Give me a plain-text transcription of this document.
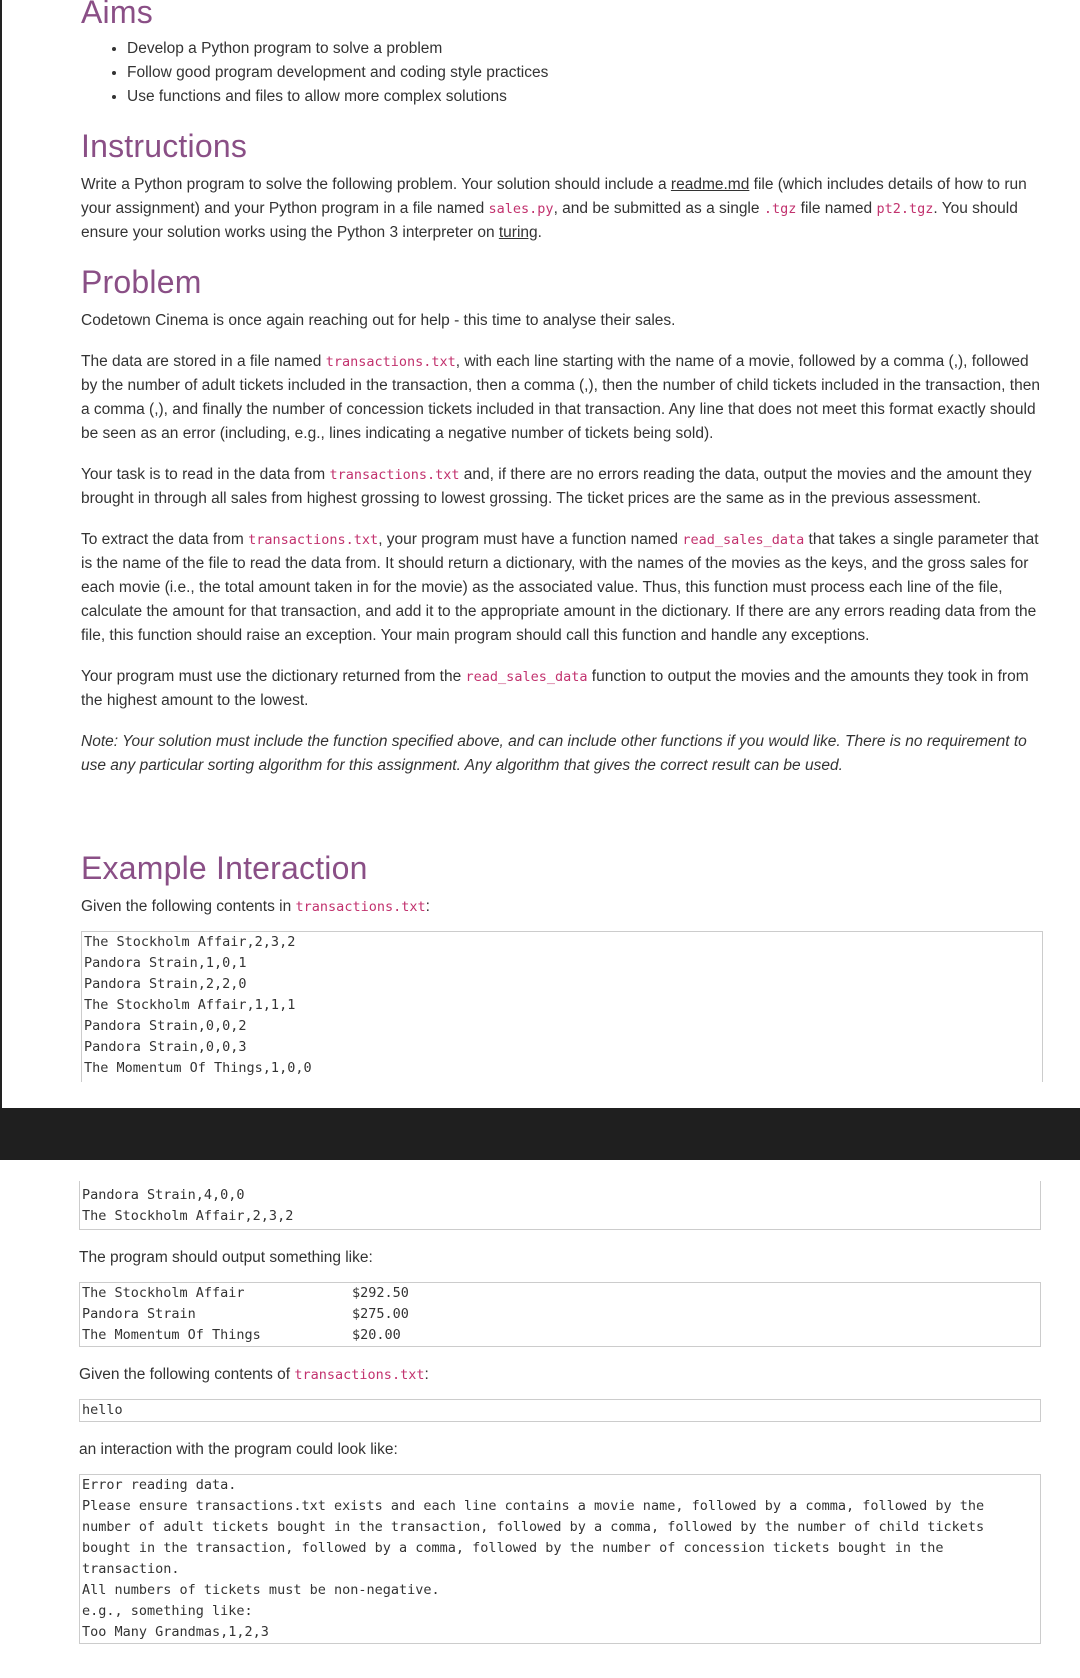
Aims
• Develop a Python program to solve a problem
• Follow good program development and coding style practices
• Use functions and files to allow more complex solutions
Instructions

Write a Python program to solve the following problem. Your solution should include a readme.md file (which includes details of how to run your assignment) and your Python program in a file named sales.py, and be submitted as a single .tgz file named pt2.tgz. You should ensure your solution works using the Python 3 interpreter on turing.

Problem

Codetown Cinema is once again reaching out for help - this time to analyse their sales.

The data are stored in a file named transactions.txt, with each line starting with the name of a movie, followed by a comma (,), followed by the number of adult tickets included in the transaction, then a comma (,), then the number of child tickets included in the transaction, then a comma (,), and finally the number of concession tickets included in that transaction. Any line that does not meet this format exactly should be seen as an error (including, e.g., lines indicating a negative number of tickets being sold).

Your task is to read in the data from transactions.txt and, if there are no errors reading the data, output the movies and the amount they brought in through all sales from highest grossing to lowest grossing. The ticket prices are the same as in the previous assessment.

To extract the data from transactions.txt, your program must have a function named read_sales_data that takes a single parameter that is the name of the file to read the data from. It should return a dictionary, with the names of the movies as the keys, and the gross sales for each movie (i.e., the total amount taken in for the movie) as the associated value. Thus, this function must process each line of the file, calculate the amount for that transaction, and add it to the appropriate amount in the dictionary. If there are any errors reading data from the file, this function should raise an exception. Your main program should call this function and handle any exceptions.

Your program must use the dictionary returned from the read_sales_data function to output the movies and the amounts they took in from the highest amount to the lowest.

Note: Your solution must include the function specified above, and can include other functions if you would like. There is no requirement to use any particular sorting algorithm for this assignment. Any algorithm that gives the correct result can be used.

Example Interaction

Given the following contents in transactions.txt:

The Stockholm Affair,2,3,2
Pandora Strain,1,0,1
Pandora Strain,2,2,0
The Stockholm Affair,1,1,1
Pandora Strain,0,0,2
Pandora Strain,0,0,3
The Momentum Of Things,1,0,0
Pandora Strain,4,0,0
The Stockholm Affair,2,3,2

The program should output something like:

The Stockholm Affair	$292.50
Pandora Strain	$275.00
The Momentum Of Things	$20.00

Given the following contents of transactions.txt:

hello

an interaction with the program could look like:

Error reading data.
Please ensure transactions.txt exists and each line contains a movie name, followed by a comma, followed by the number of adult tickets bought in the transaction, followed by a comma, followed by the number of child tickets bought in the transaction, followed by a comma, followed by the number of concession tickets bought in the transaction.
All numbers of tickets must be non-negative.
e.g., something like:
Too Many Grandmas,1,2,3
